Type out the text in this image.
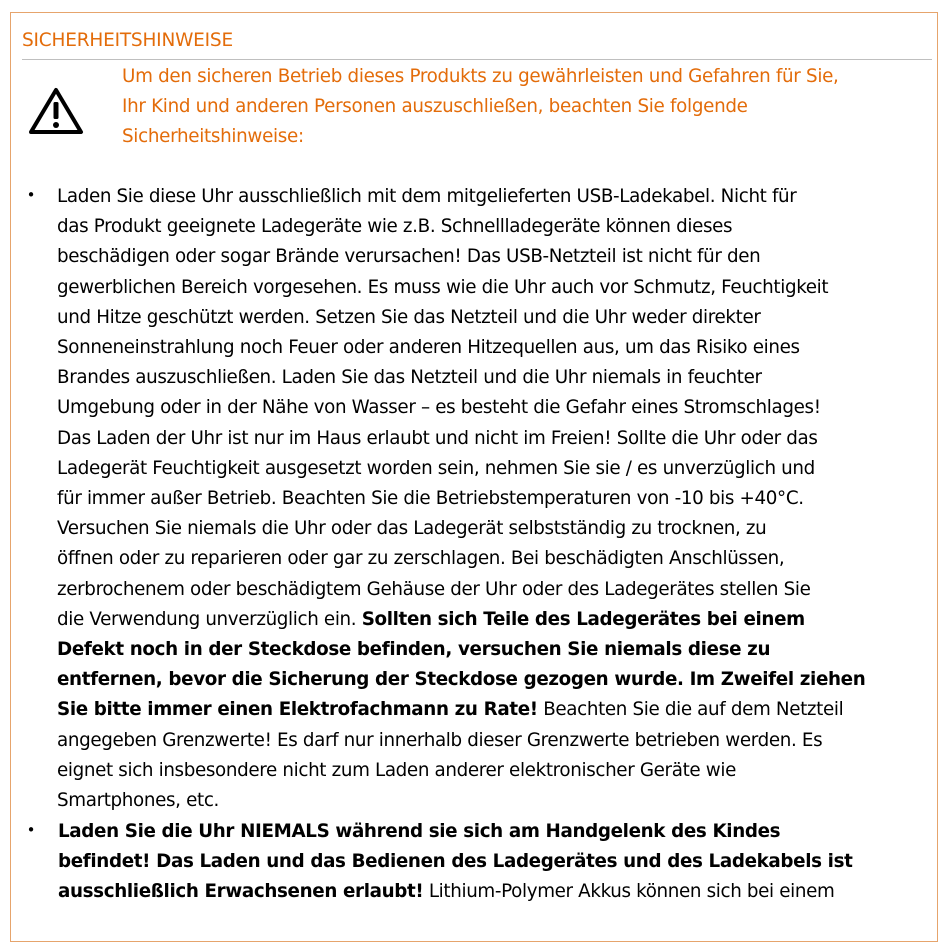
SICHERHEITSHINWEISE
Um den sicheren Betrieb dieses Produkts zu gewährleisten und Gefahren für Sie,
Ihr Kind und anderen Personen auszuschließen, beachten Sie folgende
Sicherheitshinweise:
• Laden Sie diese Uhr ausschließlich mit dem mitgelieferten USB-Ladekabel. Nicht für
das Produkt geeignete Ladegeräte wie z.B. Schnellladegeräte können dieses
beschädigen oder sogar Brände verursachen! Das USB-Netzteil ist nicht für den
gewerblichen Bereich vorgesehen. Es muss wie die Uhr auch vor Schmutz, Feuchtigkeit
und Hitze geschützt werden. Setzen Sie das Netzteil und die Uhr weder direkter
Sonneneinstrahlung noch Feuer oder anderen Hitzequellen aus, um das Risiko eines
Brandes auszuschließen. Laden Sie das Netzteil und die Uhr niemals in feuchter
Umgebung oder in der Nähe von Wasser – es besteht die Gefahr eines Stromschlages!
Das Laden der Uhr ist nur im Haus erlaubt und nicht im Freien! Sollte die Uhr oder das
Ladegerät Feuchtigkeit ausgesetzt worden sein, nehmen Sie sie / es unverzüglich und
für immer außer Betrieb. Beachten Sie die Betriebstemperaturen von -10 bis +40°C.
Versuchen Sie niemals die Uhr oder das Ladegerät selbstständig zu trocknen, zu
öffnen oder zu reparieren oder gar zu zerschlagen. Bei beschädigten Anschlüssen,
zerbrochenem oder beschädigtem Gehäuse der Uhr oder des Ladegerätes stellen Sie
die Verwendung unverzüglich ein. Sollten sich Teile des Ladegerätes bei einem
Defekt noch in der Steckdose befinden, versuchen Sie niemals diese zu
entfernen, bevor die Sicherung der Steckdose gezogen wurde. Im Zweifel ziehen
Sie bitte immer einen Elektrofachmann zu Rate! Beachten Sie die auf dem Netzteil
angegeben Grenzwerte! Es darf nur innerhalb dieser Grenzwerte betrieben werden. Es
eignet sich insbesondere nicht zum Laden anderer elektronischer Geräte wie
Smartphones, etc.
• Laden Sie die Uhr NIEMALS während sie sich am Handgelenk des Kindes
befindet! Das Laden und das Bedienen des Ladegerätes und des Ladekabels ist
ausschließlich Erwachsenen erlaubt! Lithium-Polymer Akkus können sich bei einem
